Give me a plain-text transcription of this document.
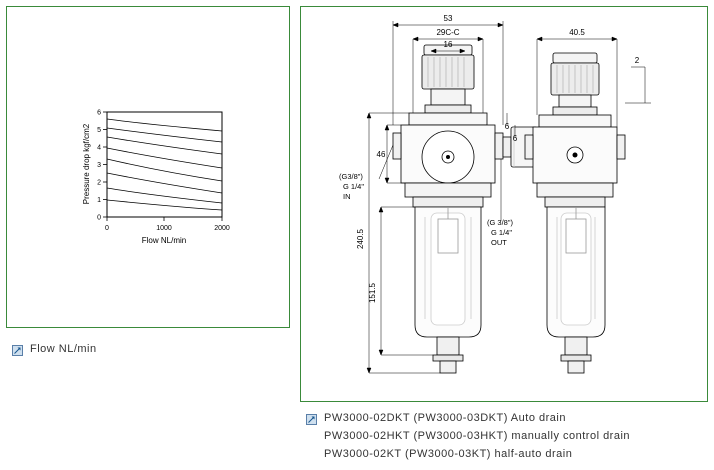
0
1
2
3
4
5
6
0	1000	2000
Pressure drop kgf/cm2
Flow NL/min
Flow NL/min
53
29C-C
16
40.5
46
6
6
240.5
151.5
2
(G3/8")
G 1/4"
IN
(G 3/8")
G 1/4"
OUT
PW3000-02DKT (PW3000-03DKT) Auto drain
PW3000-02HKT (PW3000-03HKT) manually control drain
PW3000-02KT (PW3000-03KT) half-auto drain
